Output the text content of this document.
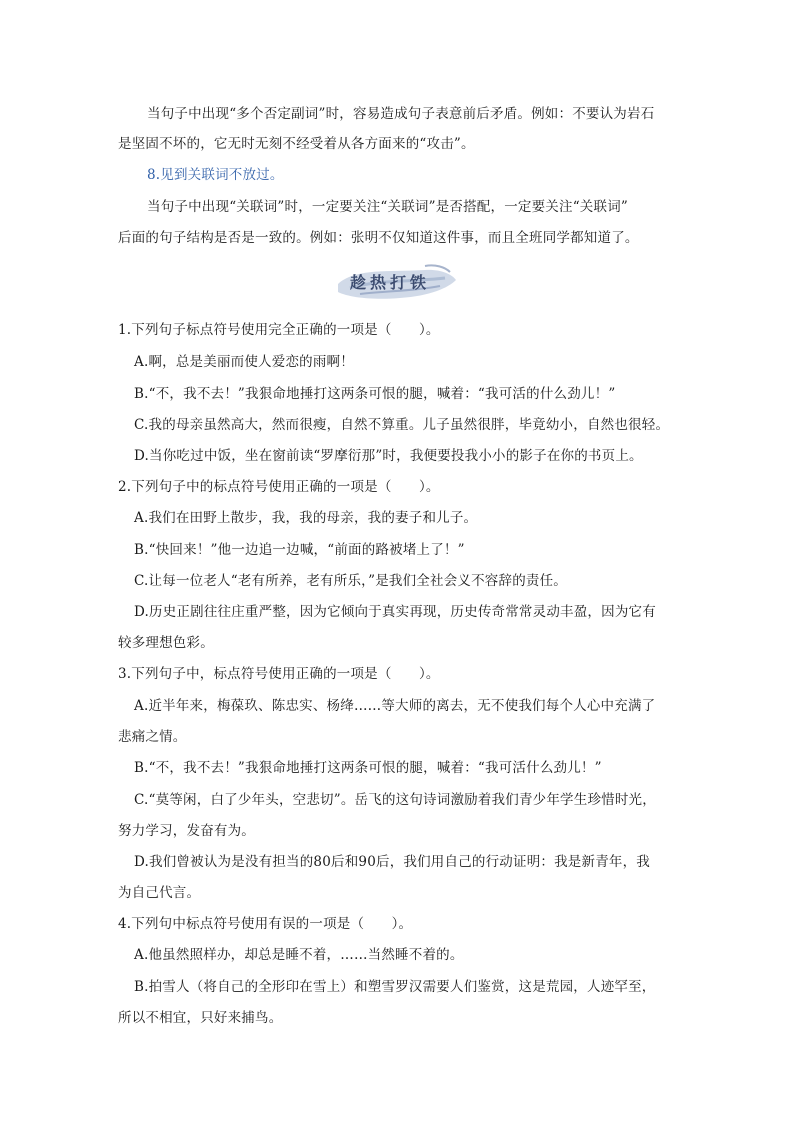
当句子中出现“多个否定副词”时，容易造成句子表意前后矛盾。例如：不要认为岩石
是坚固不坏的，它无时无刻不经受着从各方面来的“攻击”。
8.见到关联词不放过。
当句子中出现“关联词”时，一定要关注“关联词”是否搭配，一定要关注“关联词”
后面的句子结构是否是一致的。例如：张明不仅知道这件事，而且全班同学都知道了。
趁热打铁
1.下列句子标点符号使用完全正确的一项是（　　）。
A.啊，总是美丽而使人爱恋的雨啊！
B.“不，我不去！”我狠命地捶打这两条可恨的腿，喊着：“我可活的什么劲儿！”
C.我的母亲虽然高大，然而很瘦，自然不算重。儿子虽然很胖，毕竟幼小，自然也很轻。
D.当你吃过中饭，坐在窗前读“罗摩衍那”时，我便要投我小小的影子在你的书页上。
2.下列句子中的标点符号使用正确的一项是（　　）。
A.我们在田野上散步，我，我的母亲，我的妻子和儿子。
B.“快回来！”他一边追一边喊，“前面的路被堵上了！”
C.让每一位老人“老有所养，老有所乐，”是我们全社会义不容辞的责任。
D.历史正剧往往庄重严整，因为它倾向于真实再现，历史传奇常常灵动丰盈，因为它有
较多理想色彩。
3.下列句子中，标点符号使用正确的一项是（　　）。
A.近半年来，梅葆玖、陈忠实、杨绛……等大师的离去，无不使我们每个人心中充满了
悲痛之情。
B.“不，我不去！”我狠命地捶打这两条可恨的腿，喊着：“我可活什么劲儿！”
C.“莫等闲，白了少年头，空悲切”。岳飞的这句诗词激励着我们青少年学生珍惜时光，
努力学习，发奋有为。
D.我们曾被认为是没有担当的80后和90后，我们用自己的行动证明：我是新青年，我
为自己代言。
4.下列句中标点符号使用有误的一项是（　　）。
A.他虽然照样办，却总是睡不着，……当然睡不着的。
B.拍雪人（将自己的全形印在雪上）和塑雪罗汉需要人们鉴赏，这是荒园，人迹罕至，
所以不相宜，只好来捕鸟。
